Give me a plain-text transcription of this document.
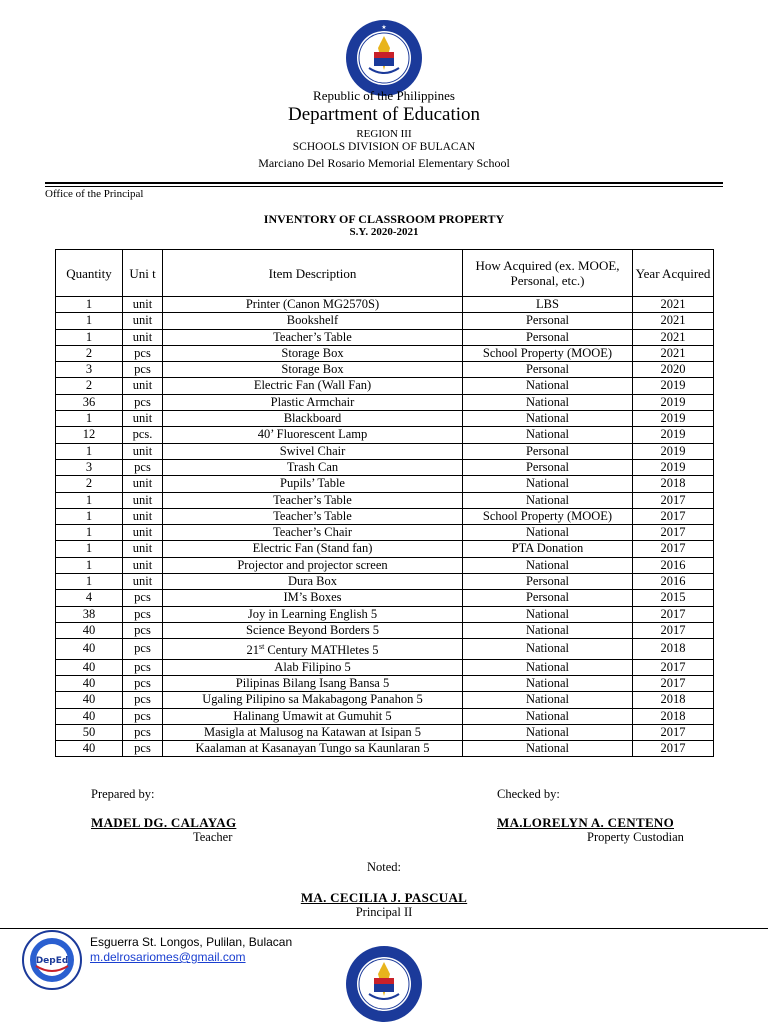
★
Republic of the Philippines
Department of Education
REGION III
SCHOOLS DIVISION OF BULACAN
Marciano Del Rosario Memorial Elementary School
Office of the Principal
INVENTORY OF CLASSROOM PROPERTY
S.Y. 2020-2021
Quantity	Uni t	Item Description	How Acquired (ex. MOOE, Personal, etc.)	Year Acquired
1	unit	Printer (Canon MG2570S)	LBS	2021
1	unit	Bookshelf	Personal	2021
1	unit	Teacher’s Table	Personal	2021
2	pcs	Storage Box	School Property (MOOE)	2021
3	pcs	Storage Box	Personal	2020
2	unit	Electric Fan (Wall Fan)	National	2019
36	pcs	Plastic Armchair	National	2019
1	unit	Blackboard	National	2019
12	pcs.	40’ Fluorescent Lamp	National	2019
1	unit	Swivel Chair	Personal	2019
3	pcs	Trash Can	Personal	2019
2	unit	Pupils’ Table	National	2018
1	unit	Teacher’s Table	National	2017
1	unit	Teacher’s Table	School Property (MOOE)	2017
1	unit	Teacher’s Chair	National	2017
1	unit	Electric Fan (Stand fan)	PTA Donation	2017
1	unit	Projector and projector screen	National	2016
1	unit	Dura Box	Personal	2016
4	pcs	IM’s Boxes	Personal	2015
38	pcs	Joy in Learning English 5	National	2017
40	pcs	Science Beyond Borders 5	National	2017
40	pcs	21st Century MATHletes 5	National	2018
40	pcs	Alab Filipino 5	National	2017
40	pcs	Pilipinas Bilang Isang Bansa 5	National	2017
40	pcs	Ugaling Pilipino sa Makabagong Panahon 5	National	2018
40	pcs	Halinang Umawit at Gumuhit 5	National	2018
50	pcs	Masigla at Malusog na Katawan at Isipan 5	National	2017
40	pcs	Kaalaman at Kasanayan Tungo sa Kaunlaran 5	National	2017
Prepared by:
MADEL DG. CALAYAG
Teacher
Checked by:
MA.LORELYN A. CENTENO
Property Custodian
Noted:
MA. CECILIA J. PASCUAL
Principal II
DepEd
Esguerra St. Longos, Pulilan, Bulacan
m.delrosariomes@gmail.com
